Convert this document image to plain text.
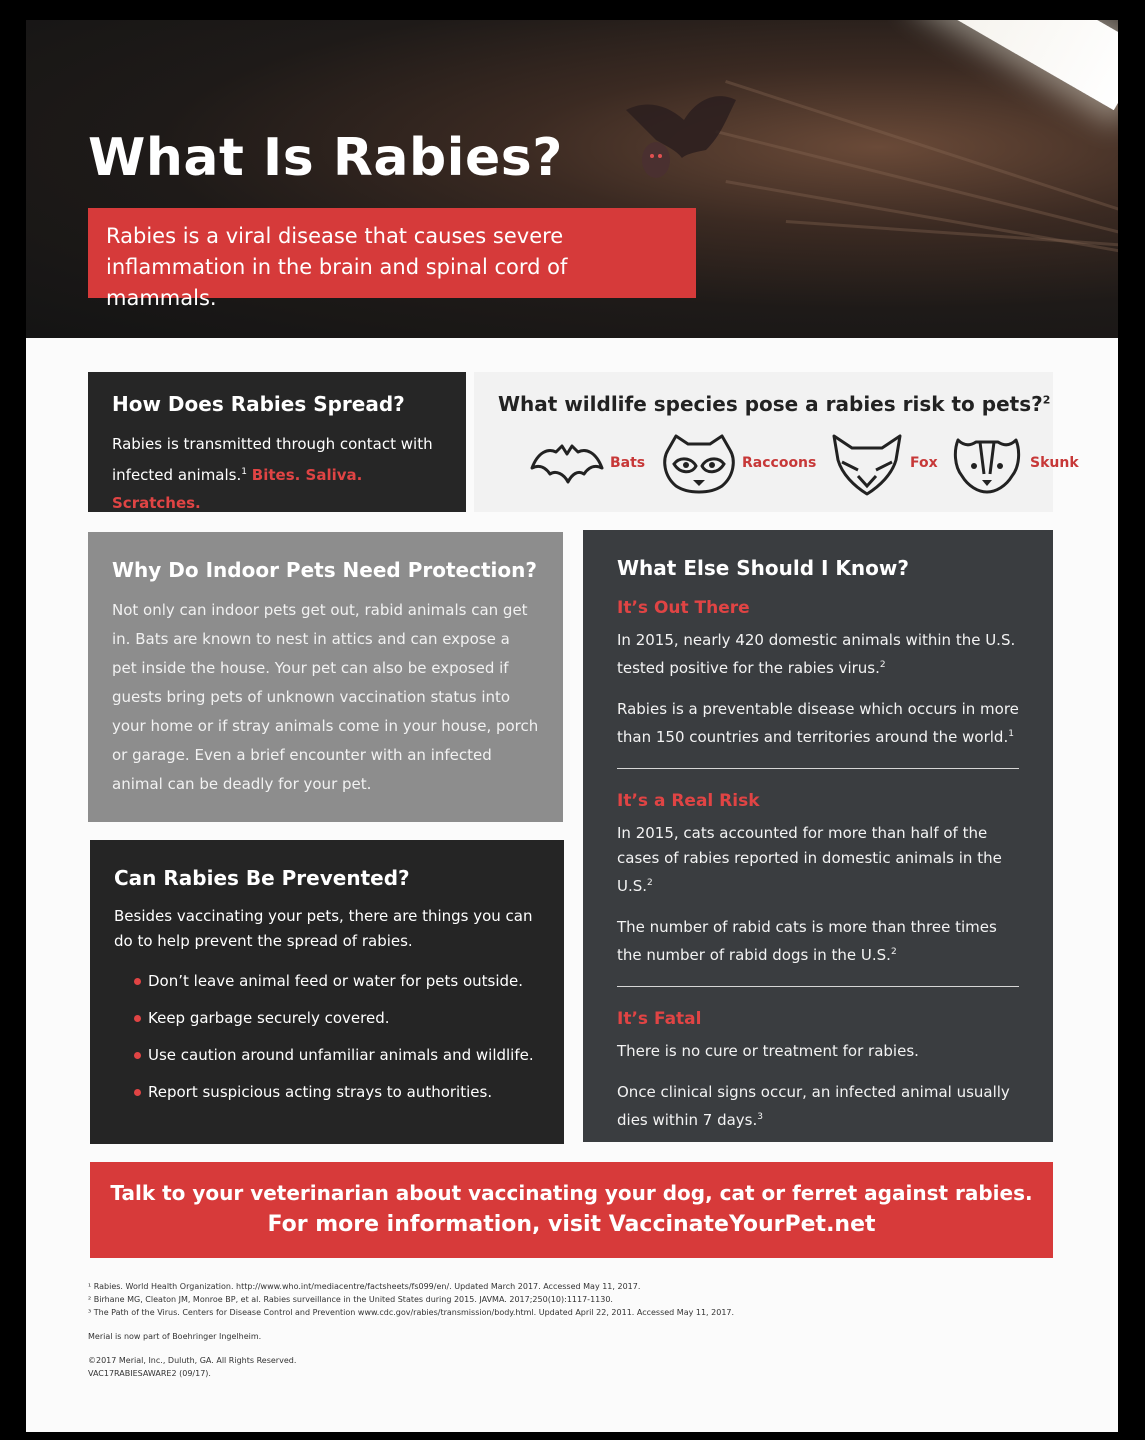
What Is Rabies?
Rabies is a viral disease that causes severe inflammation in the brain and spinal cord of mammals.
How Does Rabies Spread?
Rabies is transmitted through contact with infected animals.$^1$ Bites. Saliva. Scratches.
What wildlife species pose a rabies risk to pets?$^2$
Bats	Raccoons	Fox	Skunk
Why Do Indoor Pets Need Protection?
Not only can indoor pets get out, rabid animals can get in. Bats are known to nest in attics and can expose a pet inside the house. Your pet can also be exposed if guests bring pets of unknown vaccination status into your home or if stray animals come in your house, porch or garage. Even a brief encounter with an infected animal can be deadly for your pet.
Can Rabies Be Prevented?
Besides vaccinating your pets, there are things you can do to help prevent the spread of rabies.
Don’t leave animal feed or water for pets outside.
Keep garbage securely covered.
Use caution around unfamiliar animals and wildlife.
Report suspicious acting strays to authorities.
What Else Should I Know?
It’s Out There
In 2015, nearly 420 domestic animals within the U.S. tested positive for the rabies virus.$^2$
Rabies is a preventable disease which occurs in more than 150 countries and territories around the world.$^1$
It’s a Real Risk
In 2015, cats accounted for more than half of the cases of rabies reported in domestic animals in the U.S.$^2$
The number of rabid cats is more than three times the number of rabid dogs in the U.S.$^2$
It’s Fatal
There is no cure or treatment for rabies.
Once clinical signs occur, an infected animal usually dies within 7 days.$^3$
Talk to your veterinarian about vaccinating your dog, cat or ferret against rabies.
For more information, visit VaccinateYourPet.net

¹ Rabies. World Health Organization. http://www.who.int/mediacentre/factsheets/fs099/en/. Updated March 2017. Accessed May 11, 2017.

² Birhane MG, Cleaton JM, Monroe BP, et al. Rabies surveillance in the United States during 2015. JAVMA. 2017;250(10):1117-1130.

³ The Path of the Virus. Centers for Disease Control and Prevention www.cdc.gov/rabies/transmission/body.html. Updated April 22, 2011. Accessed May 11, 2017.

Merial is now part of Boehringer Ingelheim.

©2017 Merial, Inc., Duluth, GA. All Rights Reserved.

VAC17RABIESAWARE2 (09/17).
